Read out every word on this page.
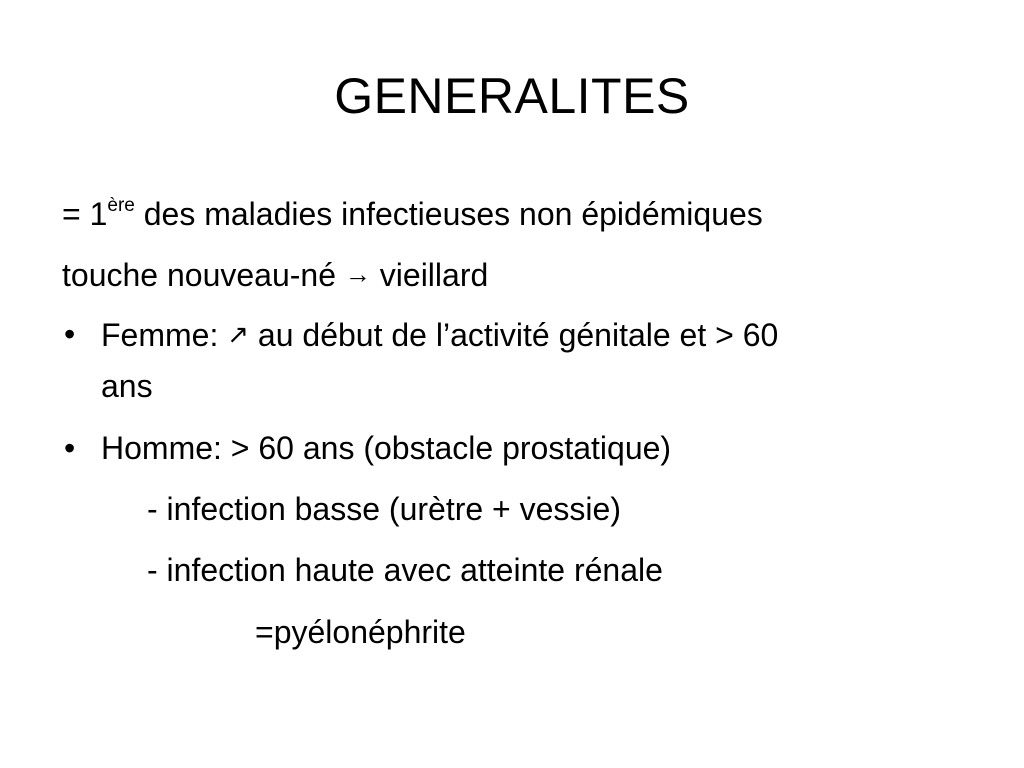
GENERALITES
= 1ère des maladies infectieuses non épidémiques
touche nouveau-né → vieillard
• Femme: ↗ au début de l’activité génitale et > 60
ans
• Homme: > 60 ans (obstacle prostatique)
- infection basse (urètre + vessie)
- infection haute avec atteinte rénale
=pyélonéphrite
